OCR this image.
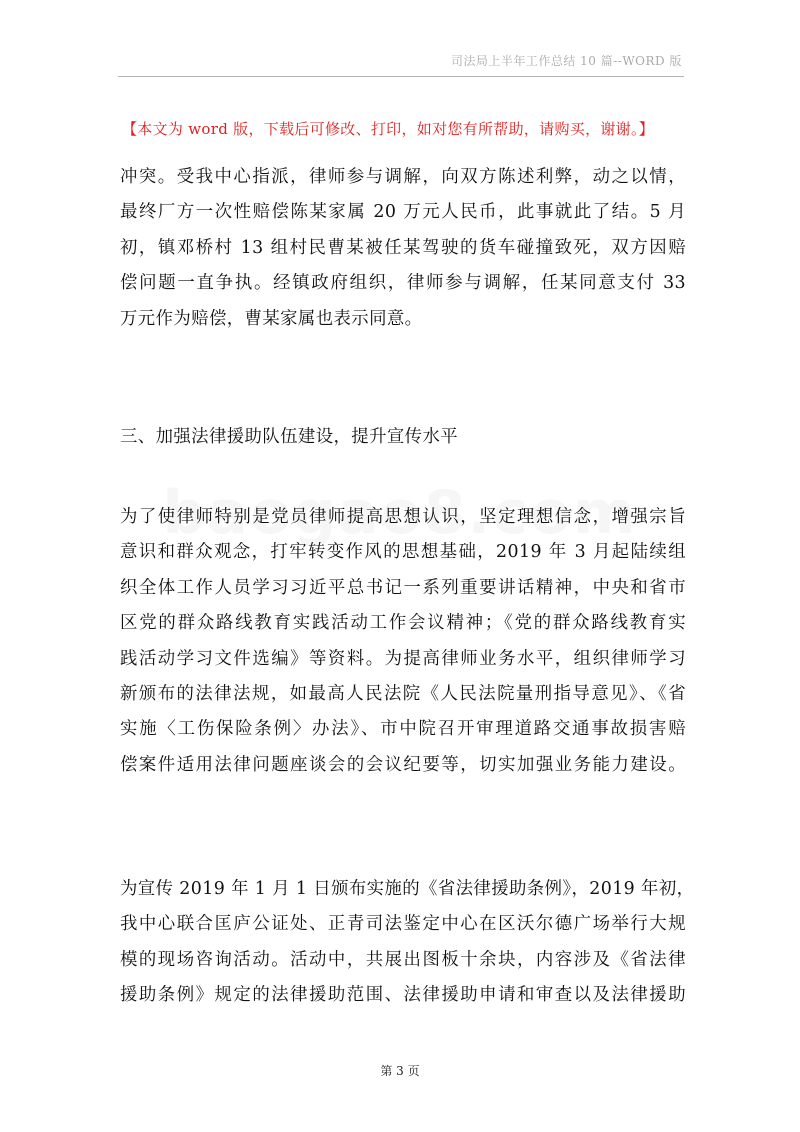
司法局上半年工作总结 10 篇--WORD 版
【本文为 word 版，下载后可修改、打印，如对您有所帮助，请购买，谢谢。】

冲突。受我中心指派，律师参与调解，向双方陈述利弊，动之以情，
最终厂方一次性赔偿陈某家属 20 万元人民币，此事就此了结。5 月
初，镇邓桥村 13 组村民曹某被任某驾驶的货车碰撞致死，双方因赔
偿问题一直争执。经镇政府组织，律师参与调解，任某同意支付 33
万元作为赔偿，曹某家属也表示同意。

三、加强法律援助队伍建设，提升宣传水平

为了使律师特别是党员律师提高思想认识，坚定理想信念，增强宗旨
意识和群众观念，打牢转变作风的思想基础，2019 年 3 月起陆续组
织全体工作人员学习习近平总书记一系列重要讲话精神，中央和省市
区党的群众路线教育实践活动工作会议精神；《党的群众路线教育实
践活动学习文件选编》等资料。为提高律师业务水平，组织律师学习
新颁布的法律法规，如最高人民法院《人民法院量刑指导意见》、《省
实施〈工伤保险条例〉办法》、市中院召开审理道路交通事故损害赔
偿案件适用法律问题座谈会的会议纪要等，切实加强业务能力建设。

为宣传 2019 年 1 月 1 日颁布实施的《省法律援助条例》，2019 年初，
我中心联合匡庐公证处、正青司法鉴定中心在区沃尔德广场举行大规
模的现场咨询活动。活动中，共展出图板十余块，内容涉及《省法律
援助条例》规定的法律援助范围、法律援助申请和审查以及法律援助

第 3 页
